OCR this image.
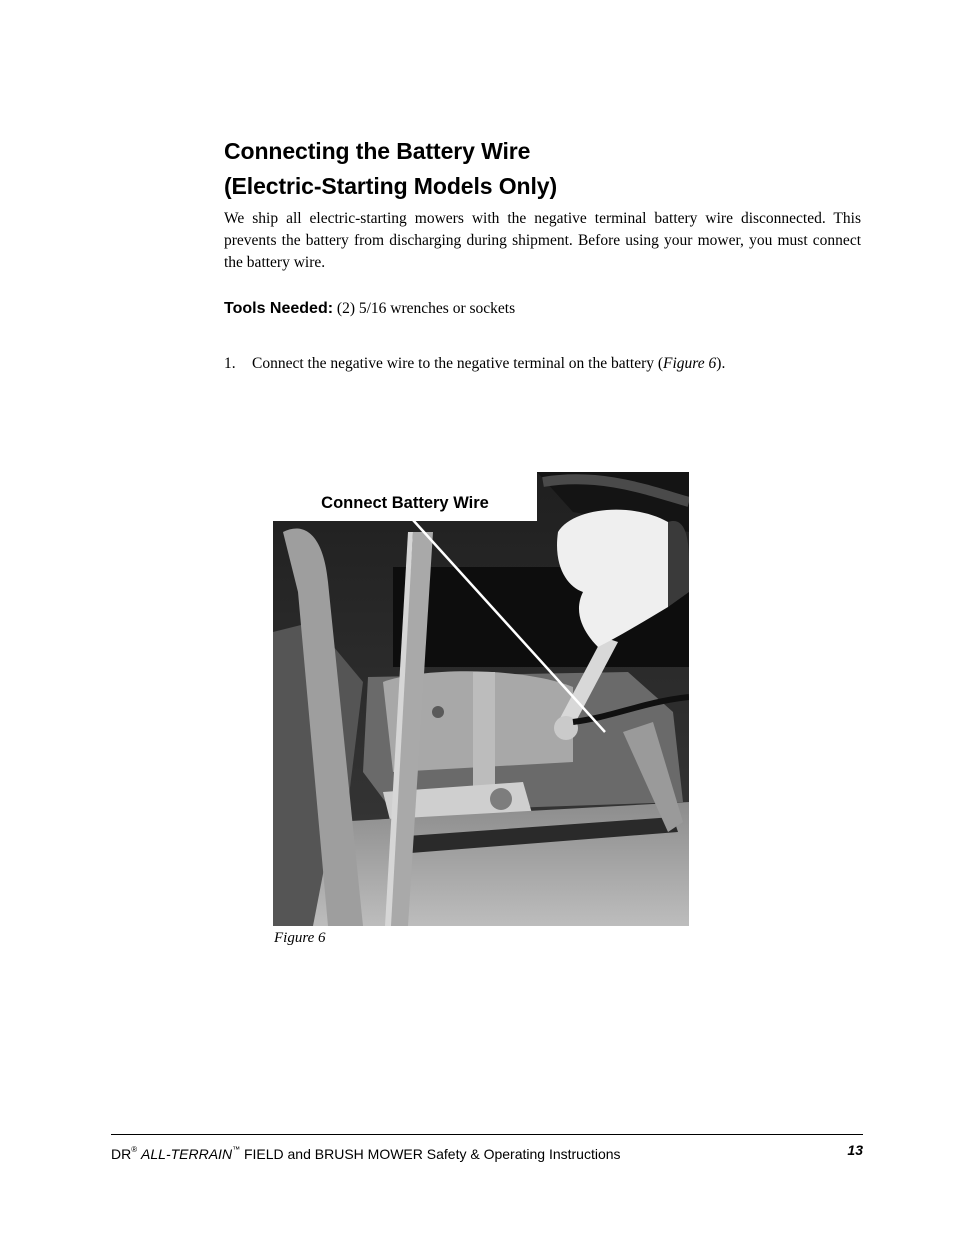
Connecting the Battery Wire
(Electric-Starting Models Only)

We ship all electric-starting mowers with the negative terminal battery wire disconnected. This prevents the battery from discharging during shipment. Before using your mower, you must connect the battery wire.

Tools Needed: (2) 5/16 wrenches or sockets

1. Connect the negative wire to the negative terminal on the battery (Figure 6).

Connect Battery Wire

Figure 6

DR® ALL-TERRAIN™ FIELD and BRUSH MOWER Safety & Operating Instructions	13
